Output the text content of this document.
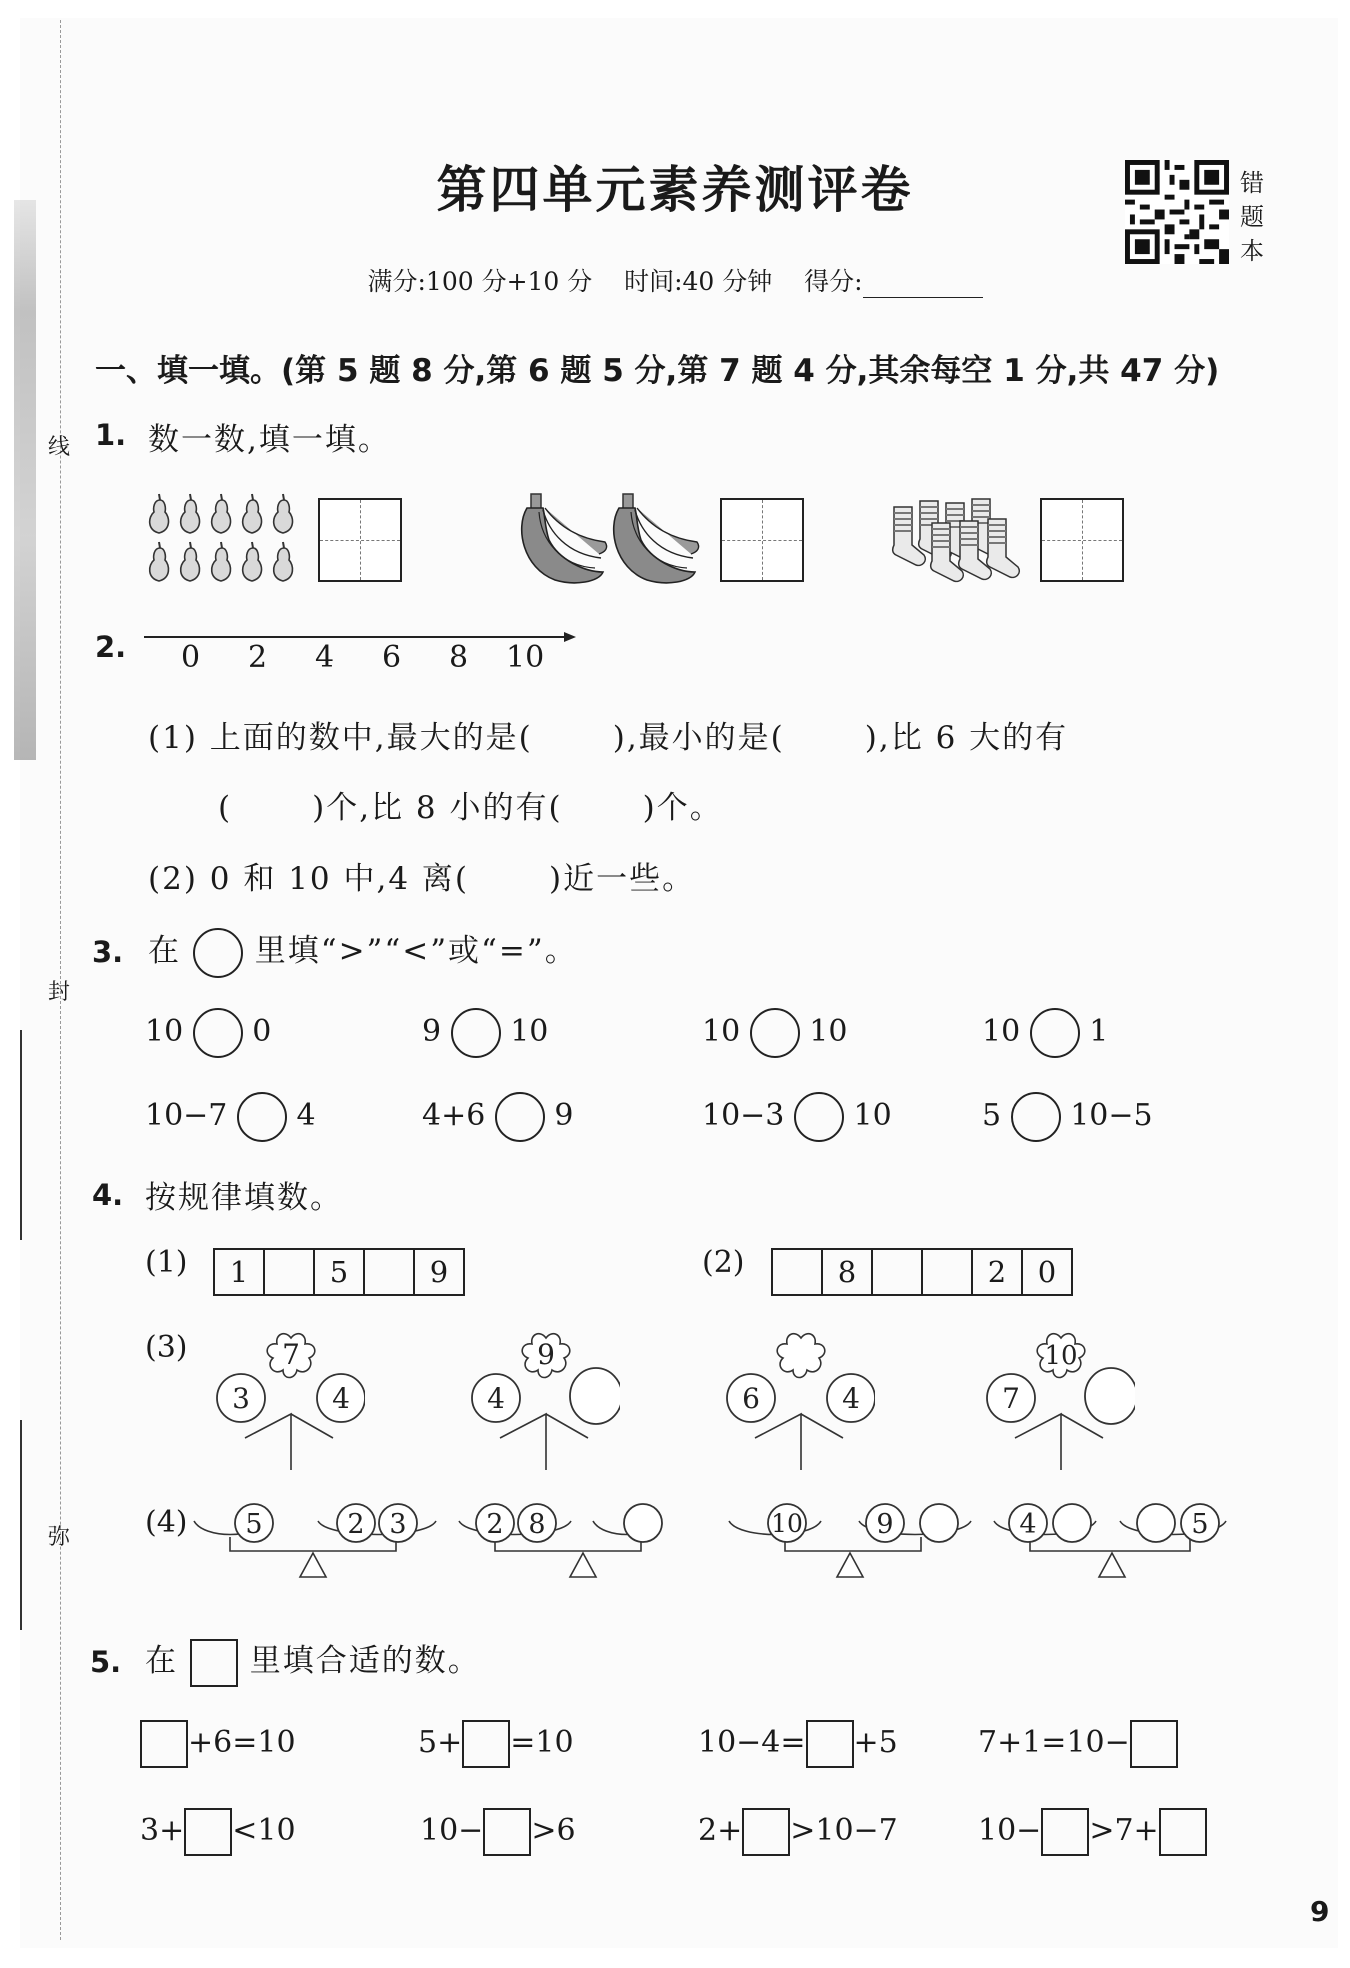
线
封
弥
第四单元素养测评卷
满分:100 分+10 分 时间:40 分钟 得分:
错
题
本
一、填一填。(第 5 题 8 分,第 6 题 5 分,第 7 题 4 分,其余每空 1 分,共 47 分)
1. 数一数,填一填。
2. 0 2 4 6 8 10
(1) 上面的数中,最大的是(	),最小的是(	),比 6 大的有
(	)个,比 8 小的有(	)个。
(2) 0 和 10 中,4 离(	)近一些。
3. 在 里填“>”“<”或“=”。
10 0	9 10	10 10	10 1
10−7 4	4+6 9	10−3 10	5 10−5
4. 按规律填数。
(1)	1	5	9	(2)	8	2	0
(3)	7
3	4
9
4	6	4
10
7
(4) 5	2 3	2 8	10	9	4	5
5. 在 里填合适的数。
+6=10	5+ =10	10−4= +5	7+1=10−
3+ <10	10− >6	2+ >10−7	10− >7+
9
